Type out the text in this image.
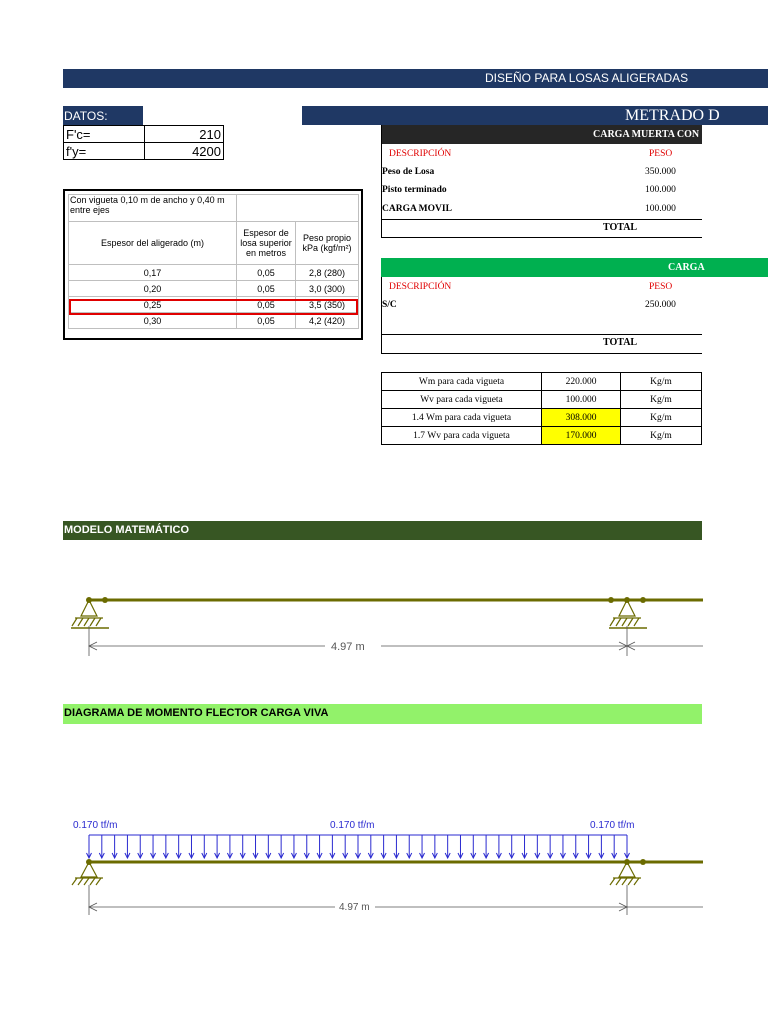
DISEÑO PARA LOSAS ALIGERADAS
DATOS:
F'c=	210
f'y=	4200
METRADO D
Con vigueta 0,10 m de ancho y 0,40 m entre ejes		
Espesor del aligerado (m)	Espesor de losa superior en metros	Peso propio kPa (kgf/m²)
0,17	0,05	2,8 (280)
0,20	0,05	3,0 (300)
0,25	0,05	3,5 (350)
0,30	0,05	4,2 (420)
CARGA MUERTA CON
DESCRIPCIÓN	PESO
Peso de Losa	350.000
Pisto terminado	100.000
CARGA MOVIL	100.000
TOTAL
CARGA
DESCRIPCIÓN	PESO
S/C	250.000
TOTAL
Wm para cada vigueta	220.000	Kg/m
Wv para cada vigueta	100.000	Kg/m
1.4 Wm para cada vigueta	308.000	Kg/m
1.7 Wv para cada vigueta	170.000	Kg/m
MODELO MATEMÁTICO
4.97 m
DIAGRAMA DE MOMENTO FLECTOR CARGA VIVA
0.170 tf/m	0.170 tf/m	0.170 tf/m
4.97 m
